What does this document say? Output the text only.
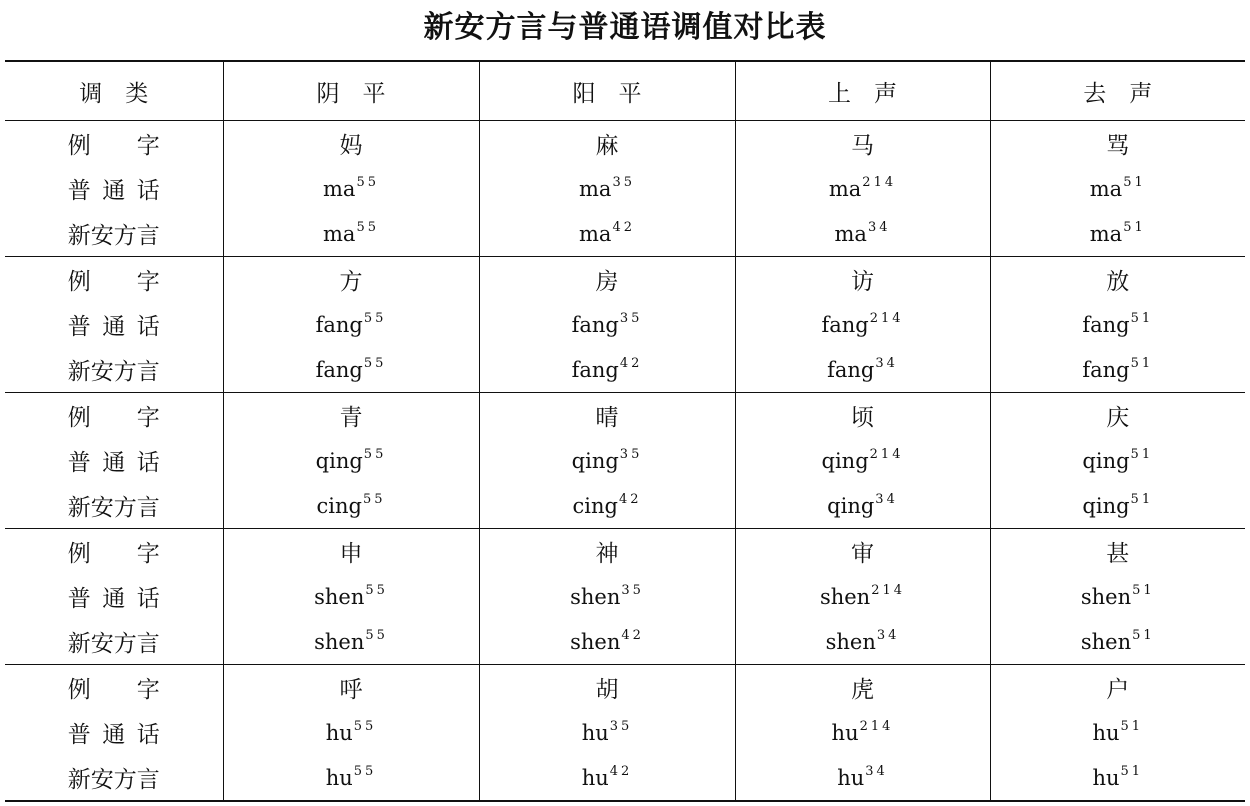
新安方言与普通语调值对比表
调　类	阴　平	阳　平	上　声	去　声
例　字	妈	麻	马	骂
普通话	$ma^{55}$	$ma^{35}$	$ma^{214}$	$ma^{51}$
新安方言	$ma^{55}$	$ma^{42}$	$ma^{34}$	$ma^{51}$
例　字	方	房	访	放
普通话	fang$^{55}$	fang$^{35}$	fang$^{214}$	fang$^{51}$
新安方言	fang$^{55}$	fang$^{42}$	fang$^{34}$	fang$^{51}$
例　字	青	晴	顷	庆
普通话	qing$^{55}$	qing$^{35}$	qing$^{214}$	qing$^{51}$
新安方言	cing$^{55}$	cing$^{42}$	qing$^{34}$	qing$^{51}$
例　字	申	神	审	甚
普通话	shen$^{55}$	shen$^{35}$	shen$^{214}$	shen$^{51}$
新安方言	shen$^{55}$	shen$^{42}$	shen$^{34}$	shen$^{51}$
例　字	呼	胡	虎	户
普通话	$hu^{55}$	$hu^{35}$	$hu^{214}$	$hu^{51}$
新安方言	$hu^{55}$	$hu^{42}$	$hu^{34}$	$hu^{51}$
